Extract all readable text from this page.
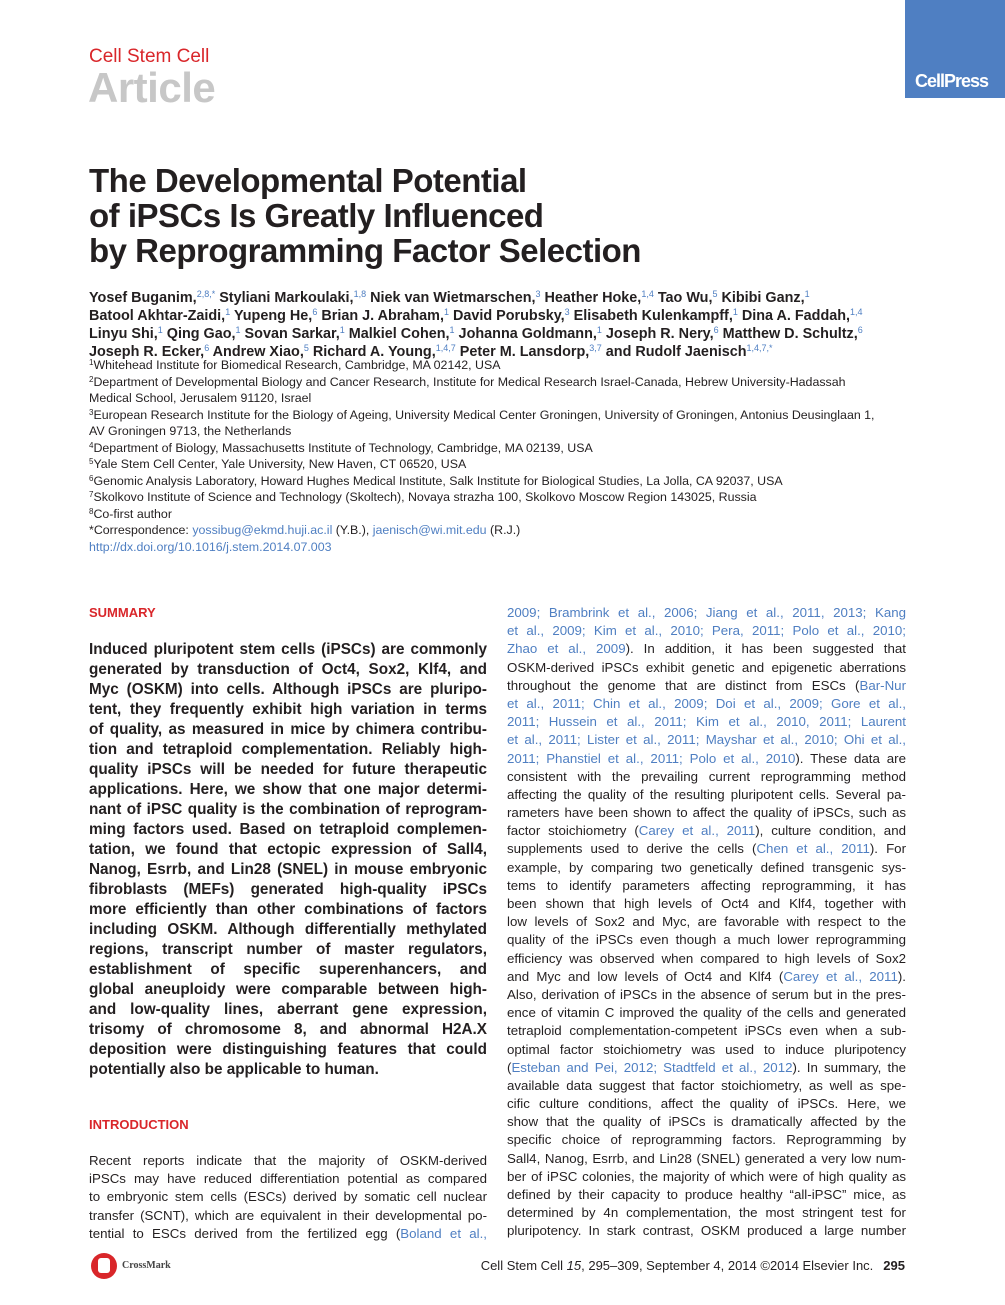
Cell Stem Cell
Article	CellPress
The Developmental Potential
of iPSCs Is Greatly Influenced
by Reprogramming Factor Selection
Yosef Buganim,$^{2,8,*}$ Styliani Markoulaki,$^{1,8}$ Niek van Wietmarschen,$^3$ Heather Hoke,$^{1,4}$ Tao Wu,$^5$ Kibibi Ganz,$^1$
Batool Akhtar-Zaidi,$^1$ Yupeng He,$^6$ Brian J. Abraham,$^1$ David Porubsky,$^3$ Elisabeth Kulenkampff,$^1$ Dina A. Faddah,$^{1,4}$
Linyu Shi,$^1$ Qing Gao,$^1$ Sovan Sarkar,$^1$ Malkiel Cohen,$^1$ Johanna Goldmann,$^1$ Joseph R. Nery,$^6$ Matthew D. Schultz,$^6$
Joseph R. Ecker,$^6$ Andrew Xiao,$^5$ Richard A. Young,$^{1,4,7}$ Peter M. Lansdorp,$^{3,7}$ and Rudolf Jaenisch$^{1,4,7,*}$
$^1$Whitehead Institute for Biomedical Research, Cambridge, MA 02142, USA
$^2$Department of Developmental Biology and Cancer Research, Institute for Medical Research Israel-Canada, Hebrew University-Hadassah
Medical School, Jerusalem 91120, Israel
$^3$European Research Institute for the Biology of Ageing, University Medical Center Groningen, University of Groningen, Antonius Deusinglaan 1,
AV Groningen 9713, the Netherlands
$^4$Department of Biology, Massachusetts Institute of Technology, Cambridge, MA 02139, USA
$^5$Yale Stem Cell Center, Yale University, New Haven, CT 06520, USA
$^6$Genomic Analysis Laboratory, Howard Hughes Medical Institute, Salk Institute for Biological Studies, La Jolla, CA 92037, USA
$^7$Skolkovo Institute of Science and Technology (Skoltech), Novaya strazha 100, Skolkovo Moscow Region 143025, Russia
$^8$Co-first author
*Correspondence: yossibug@ekmd.huji.ac.il (Y.B.), jaenisch@wi.mit.edu (R.J.)
http://dx.doi.org/10.1016/j.stem.2014.07.003
SUMMARY
Induced pluripotent stem cells (iPSCs) are commonly
generated by transduction of Oct4, Sox2, Klf4, and
Myc (OSKM) into cells. Although iPSCs are pluripo-
tent, they frequently exhibit high variation in terms
of quality, as measured in mice by chimera contribu-
tion and tetraploid complementation. Reliably high-
quality iPSCs will be needed for future therapeutic
applications. Here, we show that one major determi-
nant of iPSC quality is the combination of reprogram-
ming factors used. Based on tetraploid complemen-
tation, we found that ectopic expression of Sall4,
Nanog, Esrrb, and Lin28 (SNEL) in mouse embryonic
fibroblasts (MEFs) generated high-quality iPSCs
more efficiently than other combinations of factors
including OSKM. Although differentially methylated
regions, transcript number of master regulators,
establishment of specific superenhancers, and
global aneuploidy were comparable between high-
and low-quality lines, aberrant gene expression,
trisomy of chromosome 8, and abnormal H2A.X
deposition were distinguishing features that could
potentially also be applicable to human.
INTRODUCTION
Recent reports indicate that the majority of OSKM-derived
iPSCs may have reduced differentiation potential as compared
to embryonic stem cells (ESCs) derived by somatic cell nuclear
transfer (SCNT), which are equivalent in their developmental po-
tential to ESCs derived from the fertilized egg (Boland et al.,
2009; Brambrink et al., 2006; Jiang et al., 2011, 2013; Kang
et al., 2009; Kim et al., 2010; Pera, 2011; Polo et al., 2010;
Zhao et al., 2009). In addition, it has been suggested that
OSKM-derived iPSCs exhibit genetic and epigenetic aberrations
throughout the genome that are distinct from ESCs (Bar-Nur
et al., 2011; Chin et al., 2009; Doi et al., 2009; Gore et al.,
2011; Hussein et al., 2011; Kim et al., 2010, 2011; Laurent
et al., 2011; Lister et al., 2011; Mayshar et al., 2010; Ohi et al.,
2011; Phanstiel et al., 2011; Polo et al., 2010). These data are
consistent with the prevailing current reprogramming method
affecting the quality of the resulting pluripotent cells. Several pa-
rameters have been shown to affect the quality of iPSCs, such as
factor stoichiometry (Carey et al., 2011), culture condition, and
supplements used to derive the cells (Chen et al., 2011). For
example, by comparing two genetically defined transgenic sys-
tems to identify parameters affecting reprogramming, it has
been shown that high levels of Oct4 and Klf4, together with
low levels of Sox2 and Myc, are favorable with respect to the
quality of the iPSCs even though a much lower reprogramming
efficiency was observed when compared to high levels of Sox2
and Myc and low levels of Oct4 and Klf4 (Carey et al., 2011).
Also, derivation of iPSCs in the absence of serum but in the pres-
ence of vitamin C improved the quality of the cells and generated
tetraploid complementation-competent iPSCs even when a sub-
optimal factor stoichiometry was used to induce pluripotency
(Esteban and Pei, 2012; Stadtfeld et al., 2012). In summary, the
available data suggest that factor stoichiometry, as well as spe-
cific culture conditions, affect the quality of iPSCs. Here, we
show that the quality of iPSCs is dramatically affected by the
specific choice of reprogramming factors. Reprogramming by
Sall4, Nanog, Esrrb, and Lin28 (SNEL) generated a very low num-
ber of iPSC colonies, the majority of which were of high quality as
defined by their capacity to produce healthy “all-iPSC” mice, as
determined by 4n complementation, the most stringent test for
pluripotency. In stark contrast, OSKM produced a large number
CrossMark	Cell Stem Cell 15, 295–309, September 4, 2014 ©2014 Elsevier Inc. 295
